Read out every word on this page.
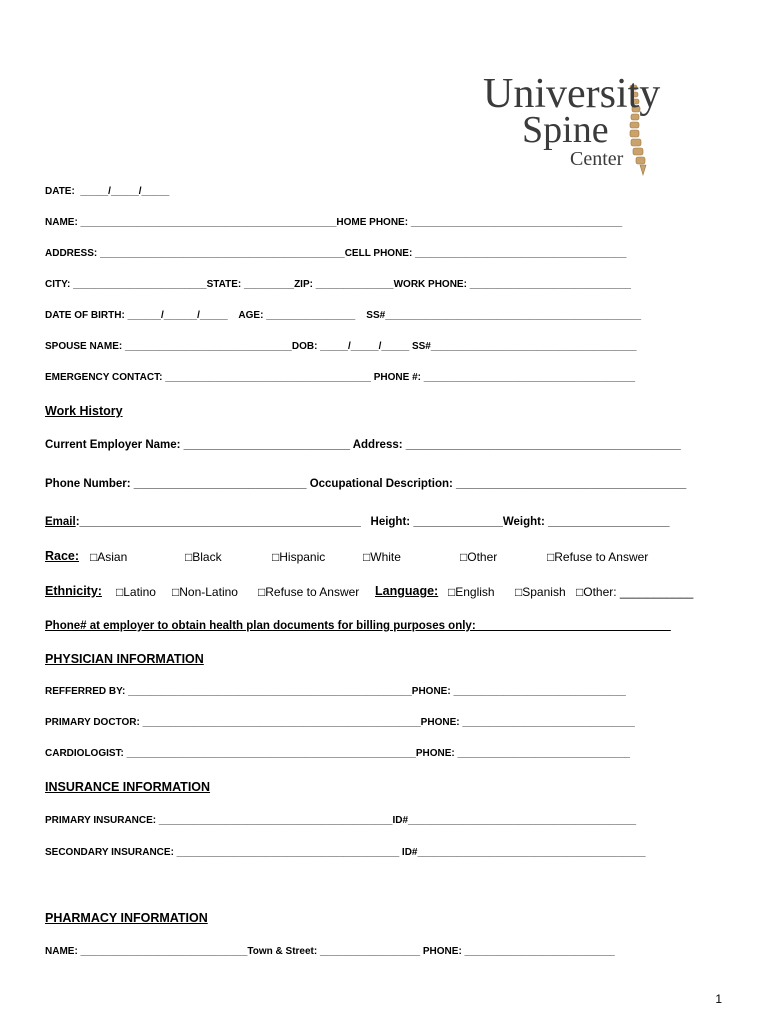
University
Spine
Center
DATE:  _____/_____/_____
NAME: ______________________________________________HOME PHONE: ______________________________________
ADDRESS: ____________________________________________CELL PHONE: ______________________________________
CITY: ________________________STATE: _________ZIP: ______________WORK PHONE: _____________________________
DATE OF BIRTH: ______/______/_____    AGE: ________________    SS#______________________________________________
SPOUSE NAME: ______________________________DOB: _____/_____/_____ SS#_____________________________________
EMERGENCY CONTACT: _____________________________________ PHONE #: ______________________________________
Work History
Current Employer Name: __________________________ Address: ___________________________________________
Phone Number: ___________________________ Occupational Description: ____________________________________
Email:____________________________________________   Height: ______________Weight: ___________________
Race: □Asian	□Black	□Hispanic	□White	□Other	□Refuse to Answer
Ethnicity: □Latino □Non-Latino □Refuse to Answer Language: □English □Spanish □Other: ___________
Phone# at employer to obtain health plan documents for billing purposes only: ______________________________
PHYSICIAN INFORMATION
REFFERRED BY: ___________________________________________________PHONE: _______________________________
PRIMARY DOCTOR: __________________________________________________PHONE: _______________________________
CARDIOLOGIST: ____________________________________________________PHONE: _______________________________
INSURANCE INFORMATION
PRIMARY INSURANCE: __________________________________________ID#_________________________________________
SECONDARY INSURANCE: ________________________________________ ID#_________________________________________
PHARMACY INFORMATION
NAME: ______________________________Town & Street: __________________ PHONE: ___________________________
1
